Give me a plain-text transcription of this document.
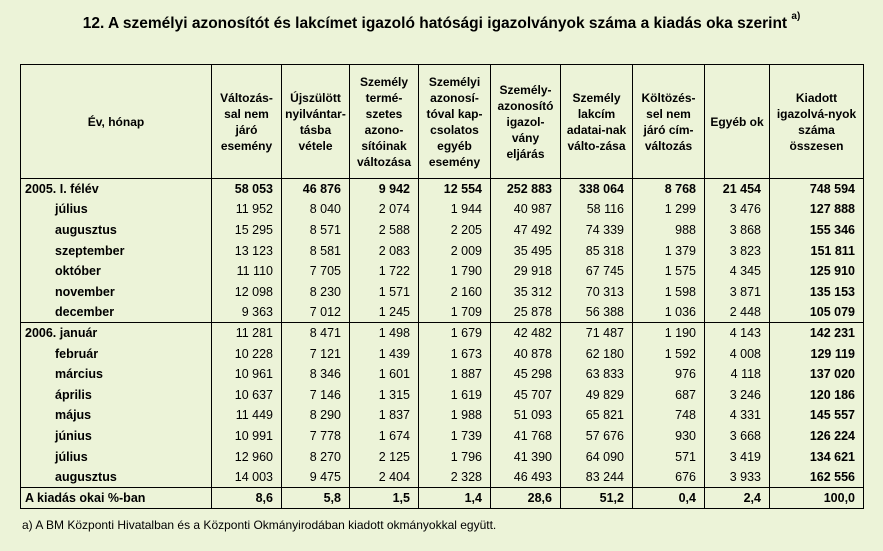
12. A személyi azonosítót és lakcímet igazoló hatósági igazolványok száma a kiadás oka szerint $^{a)}$
Év, hónap	Változás-sal nem járó esemény	Újszülött nyilvántar-tásba vétele	Személy termé-szetes azono-sítóinak változása	Személyi azonosí-tóval kap-csolatos egyéb esemény	Személy-azonosító igazol-vány eljárás	Személy lakcím adatai-nak válto-zása	Költözés-sel nem járó cím-változás	Egyéb ok	Kiadott igazolvá-nyok száma összesen
2005. I. félév	58 053	46 876	9 942	12 554	252 883	338 064	8 768	21 454	748 594
július	11 952	8 040	2 074	1 944	40 987	58 116	1 299	3 476	127 888
augusztus	15 295	8 571	2 588	2 205	47 492	74 339	988	3 868	155 346
szeptember	13 123	8 581	2 083	2 009	35 495	85 318	1 379	3 823	151 811
október	11 110	7 705	1 722	1 790	29 918	67 745	1 575	4 345	125 910
november	12 098	8 230	1 571	2 160	35 312	70 313	1 598	3 871	135 153
december	9 363	7 012	1 245	1 709	25 878	56 388	1 036	2 448	105 079
2006. január	11 281	8 471	1 498	1 679	42 482	71 487	1 190	4 143	142 231
február	10 228	7 121	1 439	1 673	40 878	62 180	1 592	4 008	129 119
március	10 961	8 346	1 601	1 887	45 298	63 833	976	4 118	137 020
április	10 637	7 146	1 315	1 619	45 707	49 829	687	3 246	120 186
május	11 449	8 290	1 837	1 988	51 093	65 821	748	4 331	145 557
június	10 991	7 778	1 674	1 739	41 768	57 676	930	3 668	126 224
július	12 960	8 270	2 125	1 796	41 390	64 090	571	3 419	134 621
augusztus	14 003	9 475	2 404	2 328	46 493	83 244	676	3 933	162 556
A kiadás okai %-ban	8,6	5,8	1,5	1,4	28,6	51,2	0,4	2,4	100,0
a) A BM Központi Hivatalban és a Központi Okmányirodában kiadott okmányokkal együtt.
